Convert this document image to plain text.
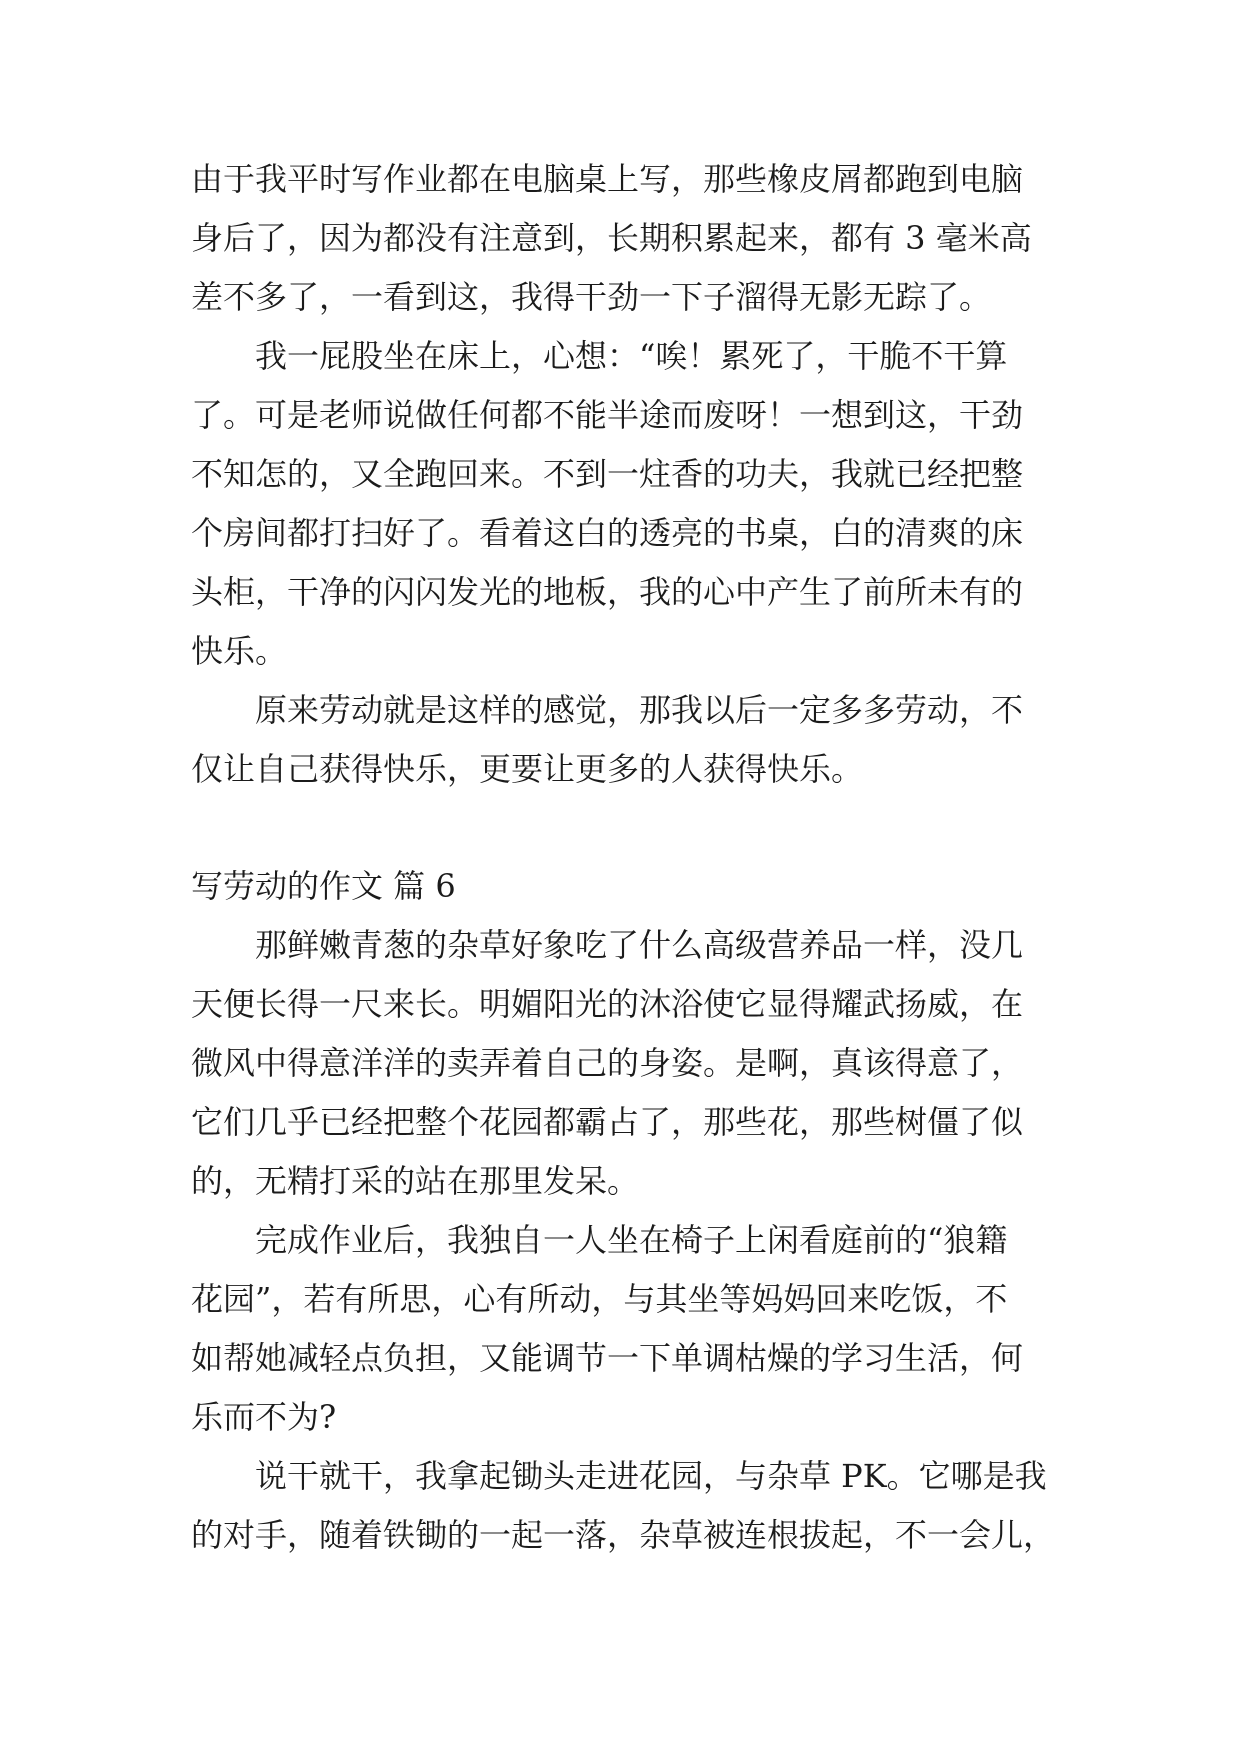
由于我平时写作业都在电脑桌上写，那些橡皮屑都跑到电脑

身后了，因为都没有注意到，长期积累起来，都有 3 毫米高

差不多了，一看到这，我得干劲一下子溜得无影无踪了。

我一屁股坐在床上，心想：“唉！累死了，干脆不干算

了。可是老师说做任何都不能半途而废呀！一想到这，干劲

不知怎的，又全跑回来。不到一炷香的功夫，我就已经把整

个房间都打扫好了。看着这白的透亮的书桌，白的清爽的床

头柜，干净的闪闪发光的地板，我的心中产生了前所未有的

快乐。

原来劳动就是这样的感觉，那我以后一定多多劳动，不

仅让自己获得快乐，更要让更多的人获得快乐。

写劳动的作文 篇 6

那鲜嫩青葱的杂草好象吃了什么高级营养品一样，没几

天便长得一尺来长。明媚阳光的沐浴使它显得耀武扬威，在

微风中得意洋洋的卖弄着自己的身姿。是啊，真该得意了，

它们几乎已经把整个花园都霸占了，那些花，那些树僵了似

的，无精打采的站在那里发呆。

完成作业后，我独自一人坐在椅子上闲看庭前的“狼籍

花园”，若有所思，心有所动，与其坐等妈妈回来吃饭，不

如帮她减轻点负担，又能调节一下单调枯燥的学习生活，何

乐而不为?

说干就干，我拿起锄头走进花园，与杂草 PK。它哪是我

的对手，随着铁锄的一起一落，杂草被连根拔起，不一会儿，
